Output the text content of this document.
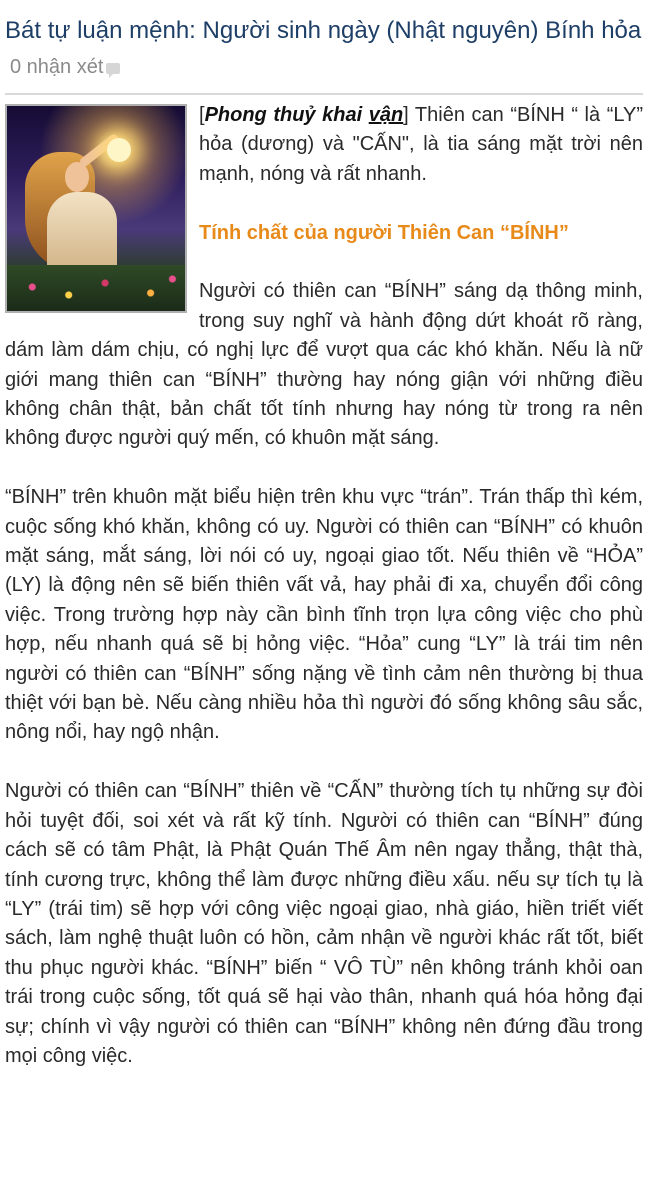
Bát tự luận mệnh: Người sinh ngày (Nhật nguyên) Bính hỏa
0 nhận xét

[Phong thuỷ khai vận] Thiên can “BÍNH “ là “LY” hỏa (dương) và "CẤN", là tia sáng mặt trời nên mạnh, nóng và rất nhanh.

Tính chất của người Thiên Can “BÍNH”

Người có thiên can “BÍNH” sáng dạ thông minh, trong suy nghĩ và hành động dứt khoát rõ ràng, dám làm dám chịu, có nghị lực để vượt qua các khó khăn. Nếu là nữ giới mang thiên can “BÍNH” thường hay nóng giận với những điều không chân thật, bản chất tốt tính nhưng hay nóng từ trong ra nên không được người quý mến, có khuôn mặt sáng.

“BÍNH” trên khuôn mặt biểu hiện trên khu vực “trán”. Trán thấp thì kém, cuộc sống khó khăn, không có uy. Người có thiên can “BÍNH” có khuôn mặt sáng, mắt sáng, lời nói có uy, ngoại giao tốt. Nếu thiên về “HỎA” (LY) là động nên sẽ biến thiên vất vả, hay phải đi xa, chuyển đổi công việc. Trong trường hợp này cần bình tĩnh trọn lựa công việc cho phù hợp, nếu nhanh quá sẽ bị hỏng việc. “Hỏa” cung “LY” là trái tim nên người có thiên can “BÍNH” sống nặng về tình cảm nên thường bị thua thiệt với bạn bè. Nếu càng nhiều hỏa thì người đó sống không sâu sắc, nông nổi, hay ngộ nhận.

Người có thiên can “BÍNH” thiên về “CẤN” thường tích tụ những sự đòi hỏi tuyệt đối, soi xét và rất kỹ tính. Người có thiên can “BÍNH” đúng cách sẽ có tâm Phật, là Phật Quán Thế Âm nên ngay thẳng, thật thà, tính cương trực, không thể làm được những điều xấu. nếu sự tích tụ là “LY” (trái tim) sẽ hợp với công việc ngoại giao, nhà giáo, hiền triết viết sách, làm nghệ thuật luôn có hồn, cảm nhận về người khác rất tốt, biết thu phục người khác. “BÍNH” biến “ VÔ TÙ” nên không tránh khỏi oan trái trong cuộc sống, tốt quá sẽ hại vào thân, nhanh quá hóa hỏng đại sự; chính vì vậy người có thiên can “BÍNH” không nên đứng đầu trong mọi công việc.
